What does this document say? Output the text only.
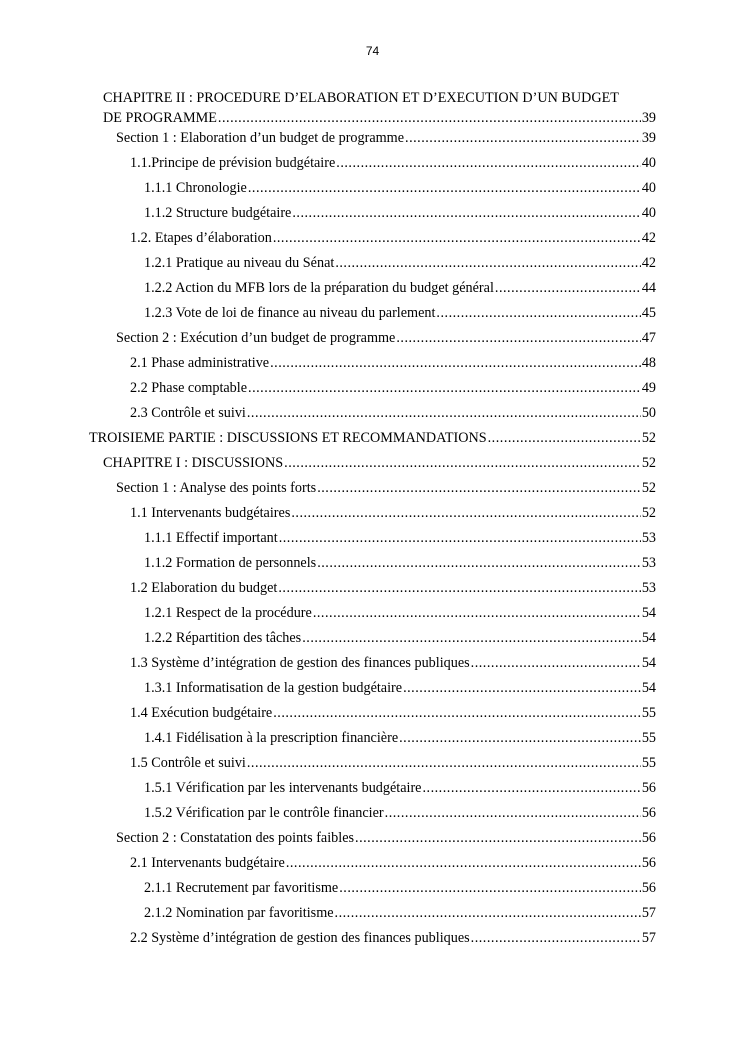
74
CHAPITRE II : PROCEDURE D’ELABORATION ET D’EXECUTION D’UN BUDGET
DE PROGRAMME .....	39
Section 1 : Elaboration d’un budget de programme .....	39
1.1.Principe de prévision budgétaire .....	40
1.1.1 Chronologie .....	40
1.1.2 Structure budgétaire .....	40
1.2. Etapes d’élaboration .....	42
1.2.1 Pratique au niveau du Sénat .....	42
1.2.2 Action du MFB lors de la préparation du budget général .....	44
1.2.3 Vote de loi de finance au niveau du parlement .....	45
Section 2 : Exécution d’un budget de programme .....	47
2.1 Phase administrative .....	48
2.2 Phase comptable .....	49
2.3 Contrôle et suivi .....	50
TROISIEME PARTIE : DISCUSSIONS ET RECOMMANDATIONS .....	52
CHAPITRE I : DISCUSSIONS .....	52
Section 1 : Analyse des points forts .....	52
1.1 Intervenants budgétaires .....	52
1.1.1 Effectif important .....	53
1.1.2 Formation de personnels .....	53
1.2 Elaboration du budget .....	53
1.2.1 Respect de la procédure .....	54
1.2.2 Répartition des tâches .....	54
1.3 Système d’intégration de gestion des finances publiques .....	54
1.3.1 Informatisation de la gestion budgétaire .....	54
1.4 Exécution budgétaire .....	55
1.4.1 Fidélisation à la prescription financière .....	55
1.5 Contrôle et suivi .....	55
1.5.1 Vérification par les intervenants budgétaire .....	56
1.5.2 Vérification par le contrôle financier .....	56
Section 2 : Constatation des points faibles .....	56
2.1 Intervenants budgétaire .....	56
2.1.1 Recrutement par favoritisme .....	56
2.1.2 Nomination par favoritisme .....	57
2.2 Système d’intégration de gestion des finances publiques .....	57
